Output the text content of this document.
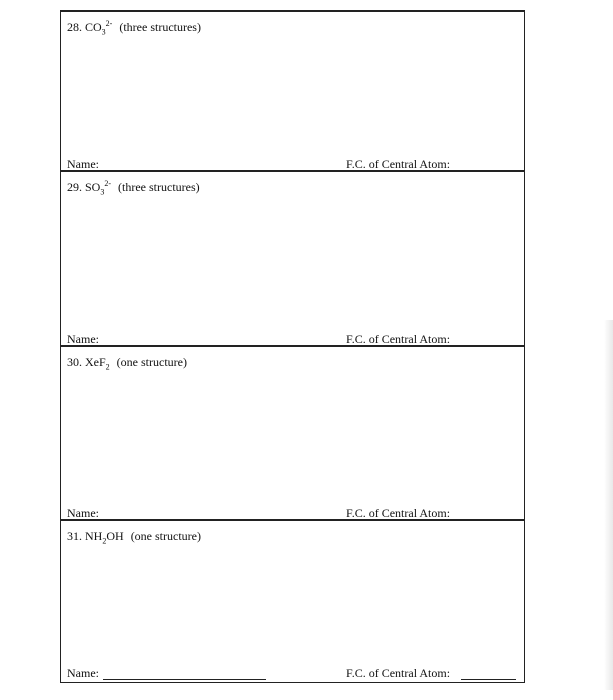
28. $CO_3^{2-}$ (three structures)
Name:	F.C. of Central Atom:
29. $SO_3^{2-}$ (three structures)
Name:	F.C. of Central Atom:
30. XeF$_2$ (one structure)
Name:	F.C. of Central Atom:
31. $NH_2OH$ (one structure)
Name:	F.C. of Central Atom:
